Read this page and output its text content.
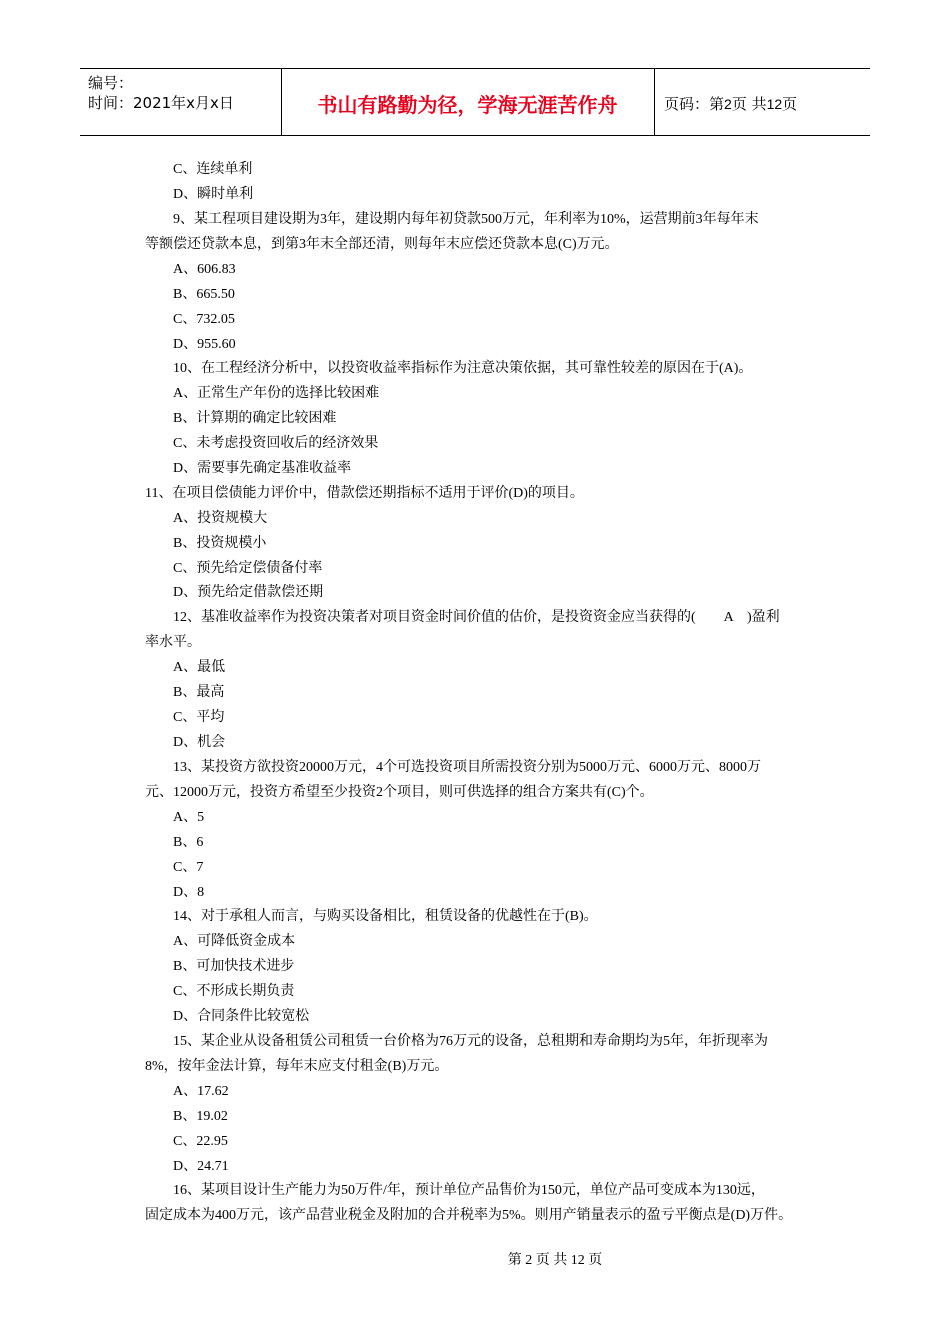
编号：
时间：2021年x月x日	书山有路勤为径，学海无涯苦作舟	页码：第2页 共12页
C、连续单利
D、瞬时单利
9、某工程项目建设期为3年，建设期内每年初贷款500万元，年利率为10%，运营期前3年每年末
等额偿还贷款本息，到第3年末全部还清，则每年末应偿还贷款本息(C)万元。
A、606.83
B、665.50
C、732.05
D、955.60
10、在工程经济分析中，以投资收益率指标作为注意决策依据，其可靠性较差的原因在于(A)。
A、正常生产年份的选择比较困难
B、计算期的确定比较困难
C、未考虑投资回收后的经济效果
D、需要事先确定基准收益率
11、在项目偿债能力评价中，借款偿还期指标不适用于评价(D)的项目。
A、投资规模大
B、投资规模小
C、预先给定偿债备付率
D、预先给定借款偿还期
12、基准收益率作为投资决策者对项目资金时间价值的估价，是投资资金应当获得的(　　A　)盈利
率水平。
A、最低
B、最高
C、平均
D、机会
13、某投资方欲投资20000万元，4个可选投资项目所需投资分别为5000万元、6000万元、8000万
元、12000万元，投资方希望至少投资2个项目，则可供选择的组合方案共有(C)个。
A、5
B、6
C、7
D、8
14、对于承租人而言，与购买设备相比，租赁设备的优越性在于(B)。
A、可降低资金成本
B、可加快技术进步
C、不形成长期负责
D、合同条件比较宽松
15、某企业从设备租赁公司租赁一台价格为76万元的设备，总租期和寿命期均为5年，年折现率为
8%，按年金法计算，每年末应支付租金(B)万元。
A、17.62
B、19.02
C、22.95
D、24.71
16、某项目设计生产能力为50万件/年，预计单位产品售价为150元，单位产品可变成本为130远，
固定成本为400万元，该产品营业税金及附加的合并税率为5%。则用产销量表示的盈亏平衡点是(D)万件。
第 2 页 共 12 页
